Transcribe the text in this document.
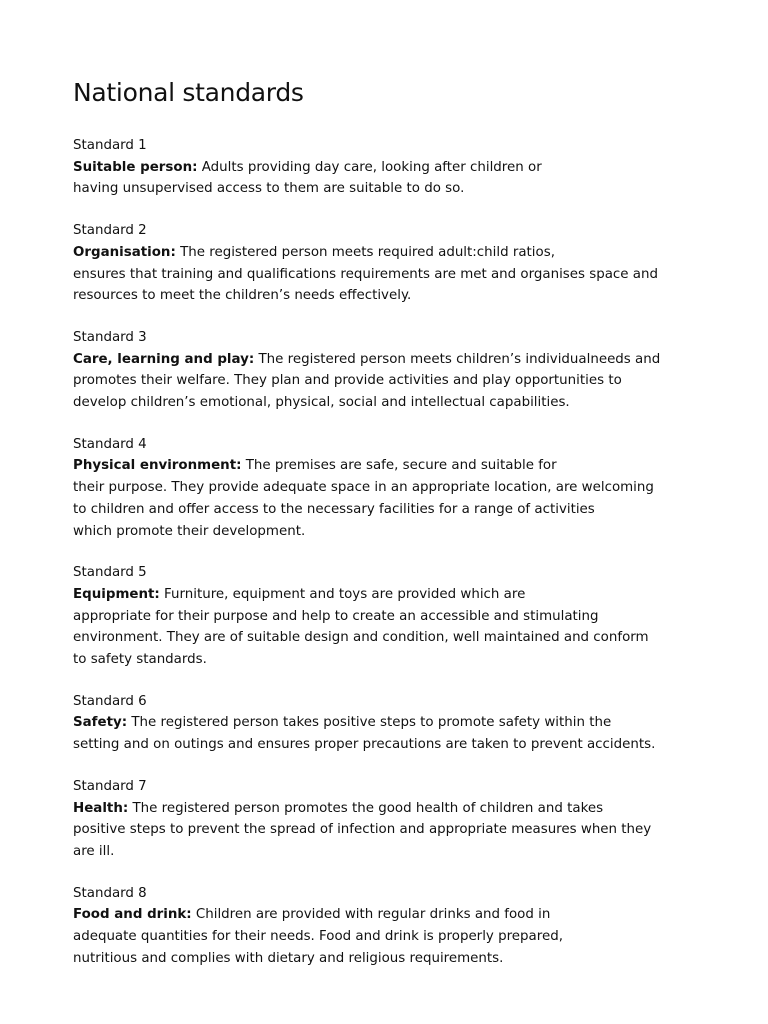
National standards
Standard 1
Suitable person: Adults providing day care, looking after children or
having unsupervised access to them are suitable to do so.
Standard 2
Organisation: The registered person meets required adult:child ratios,
ensures that training and qualifications requirements are met and organises space and
resources to meet the children’s needs effectively.
Standard 3
Care, learning and play: The registered person meets children’s individualneeds and
promotes their welfare. They plan and provide activities and play opportunities to
develop children’s emotional, physical, social and intellectual capabilities.
Standard 4
Physical environment: The premises are safe, secure and suitable for
their purpose. They provide adequate space in an appropriate location, are welcoming
to children and offer access to the necessary facilities for a range of activities
which promote their development.
Standard 5
Equipment: Furniture, equipment and toys are provided which are
appropriate for their purpose and help to create an accessible and stimulating
environment. They are of suitable design and condition, well maintained and conform
to safety standards.
Standard 6
Safety: The registered person takes positive steps to promote safety within the
setting and on outings and ensures proper precautions are taken to prevent accidents.
Standard 7
Health: The registered person promotes the good health of children and takes
positive steps to prevent the spread of infection and appropriate measures when they
are ill.
Standard 8
Food and drink: Children are provided with regular drinks and food in
adequate quantities for their needs. Food and drink is properly prepared,
nutritious and complies with dietary and religious requirements.
